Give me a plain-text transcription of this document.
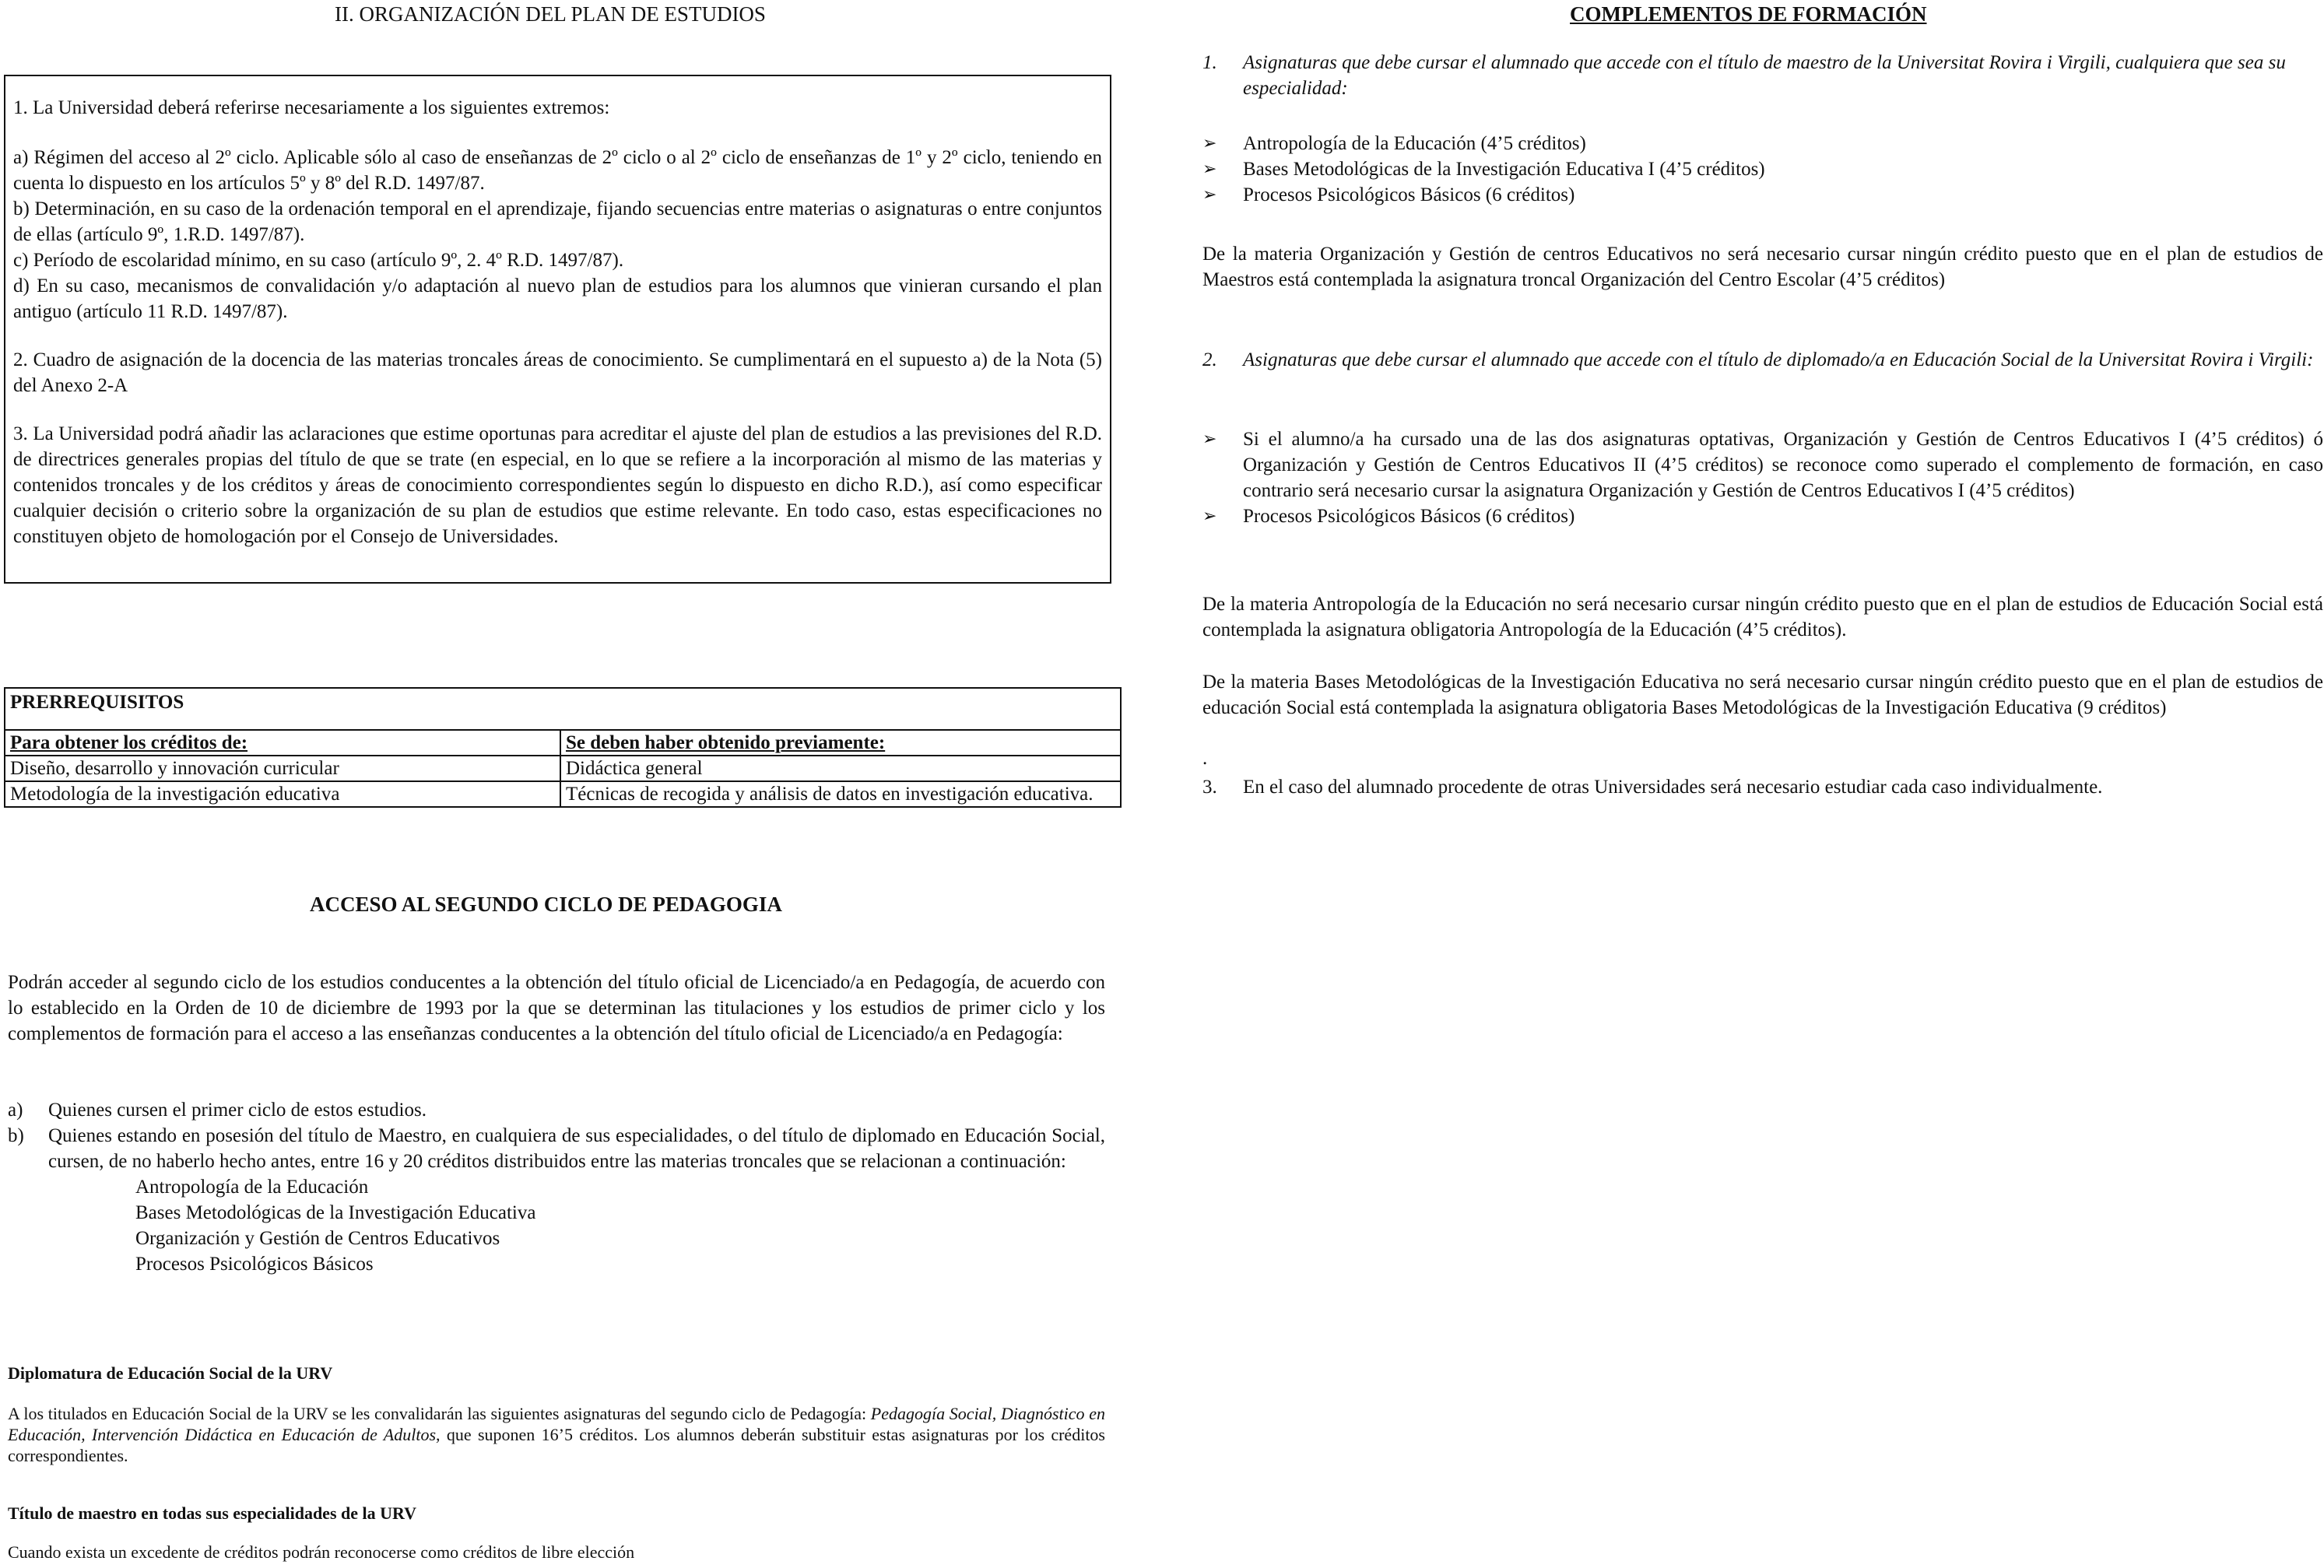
II. ORGANIZACIÓN DEL PLAN DE ESTUDIOS

1. La Universidad deberá referirse necesariamente a los siguientes extremos:

a) Régimen del acceso al 2º ciclo. Aplicable sólo al caso de enseñanzas de 2º ciclo o al 2º ciclo de enseñanzas de 1º y 2º ciclo, teniendo en cuenta lo dispuesto en los artículos 5º y 8º del R.D. 1497/87.

b) Determinación, en su caso de la ordenación temporal en el aprendizaje, fijando secuencias entre materias o asignaturas o entre conjuntos de ellas (artículo 9º, 1.R.D. 1497/87).

c) Período de escolaridad mínimo, en su caso (artículo 9º, 2. 4º R.D. 1497/87).

d) En su caso, mecanismos de convalidación y/o adaptación al nuevo plan de estudios para los alumnos que vinieran cursando el plan antiguo (artículo 11 R.D. 1497/87).

2. Cuadro de asignación de la docencia de las materias troncales áreas de conocimiento. Se cumplimentará en el supuesto a) de la Nota (5) del Anexo 2-A

3. La Universidad podrá añadir las aclaraciones que estime oportunas para acreditar el ajuste del plan de estudios a las previsiones del R.D. de directrices generales propias del título de que se trate (en especial, en lo que se refiere a la incorporación al mismo de las materias y contenidos troncales y de los créditos y áreas de conocimiento correspondientes según lo dispuesto en dicho R.D.), así como especificar cualquier decisión o criterio sobre la organización de su plan de estudios que estime relevante. En todo caso, estas especificaciones no constituyen objeto de homologación por el Consejo de Universidades.

PRERREQUISITOS	
Para obtener los créditos de:	Se deben haber obtenido previamente:
Diseño, desarrollo y innovación curricular	Didáctica general
Metodología de la investigación educativa	Técnicas de recogida y análisis de datos en investigación educativa.
ACCESO AL SEGUNDO CICLO DE PEDAGOGIA

Podrán acceder al segundo ciclo de los estudios conducentes a la obtención del título oficial de Licenciado/a en Pedagogía, de acuerdo con lo establecido en la Orden de 10 de diciembre de 1993 por la que se determinan las titulaciones y los estudios de primer ciclo y los complementos de formación para el acceso a las enseñanzas conducentes a la obtención del título oficial de Licenciado/a en Pedagogía:

a) Quienes cursen el primer ciclo de estos estudios.
b) Quienes estando en posesión del título de Maestro, en cualquiera de sus especialidades, o del título de diplomado en Educación Social, cursen, de no haberlo hecho antes, entre 16 y 20 créditos distribuidos entre las materias troncales que se relacionan a continuación:
Antropología de la Educación
Bases Metodológicas de la Investigación Educativa
Organización y Gestión de Centros Educativos
Procesos Psicológicos Básicos
Diplomatura de Educación Social de la URV

A los titulados en Educación Social de la URV se les convalidarán las siguientes asignaturas del segundo ciclo de Pedagogía: Pedagogía Social, Diagnóstico en Educación, Intervención Didáctica en Educación de Adultos, que suponen 16’5 créditos. Los alumnos deberán substituir estas asignaturas por los créditos correspondientes.

Título de maestro en todas sus especialidades de la URV

Cuando exista un excedente de créditos podrán reconocerse como créditos de libre elección

COMPLEMENTOS DE FORMACIÓN
1. Asignaturas que debe cursar el alumnado que accede con el título de maestro de la Universitat Rovira i Virgili, cualquiera que sea su especialidad:

➢ Antropología de la Educación (4’5 créditos)
➢ Bases Metodológicas de la Investigación Educativa I (4’5 créditos)
➢ Procesos Psicológicos Básicos (6 créditos)

De la materia Organización y Gestión de centros Educativos no será necesario cursar ningún crédito puesto que en el plan de estudios de Maestros está contemplada la asignatura troncal Organización del Centro Escolar (4’5 créditos)

2. Asignaturas que debe cursar el alumnado que accede con el título de diplomado/a en Educación Social de la Universitat Rovira i Virgili:

➢ Si el alumno/a ha cursado una de las dos asignaturas optativas, Organización y Gestión de Centros Educativos I (4’5 créditos) ó Organización y Gestión de Centros Educativos II (4’5 créditos) se reconoce como superado el complemento de formación, en caso contrario será necesario cursar la asignatura Organización y Gestión de Centros Educativos I (4’5 créditos)
➢ Procesos Psicológicos Básicos (6 créditos)

De la materia Antropología de la Educación no será necesario cursar ningún crédito puesto que en el plan de estudios de Educación Social está contemplada la asignatura obligatoria Antropología de la Educación (4’5 créditos).

De la materia Bases Metodológicas de la Investigación Educativa no será necesario cursar ningún crédito puesto que en el plan de estudios de educación Social está contemplada la asignatura obligatoria Bases Metodológicas de la Investigación Educativa (9 créditos)

.
3. En el caso del alumnado procedente de otras Universidades será necesario estudiar cada caso individualmente.
